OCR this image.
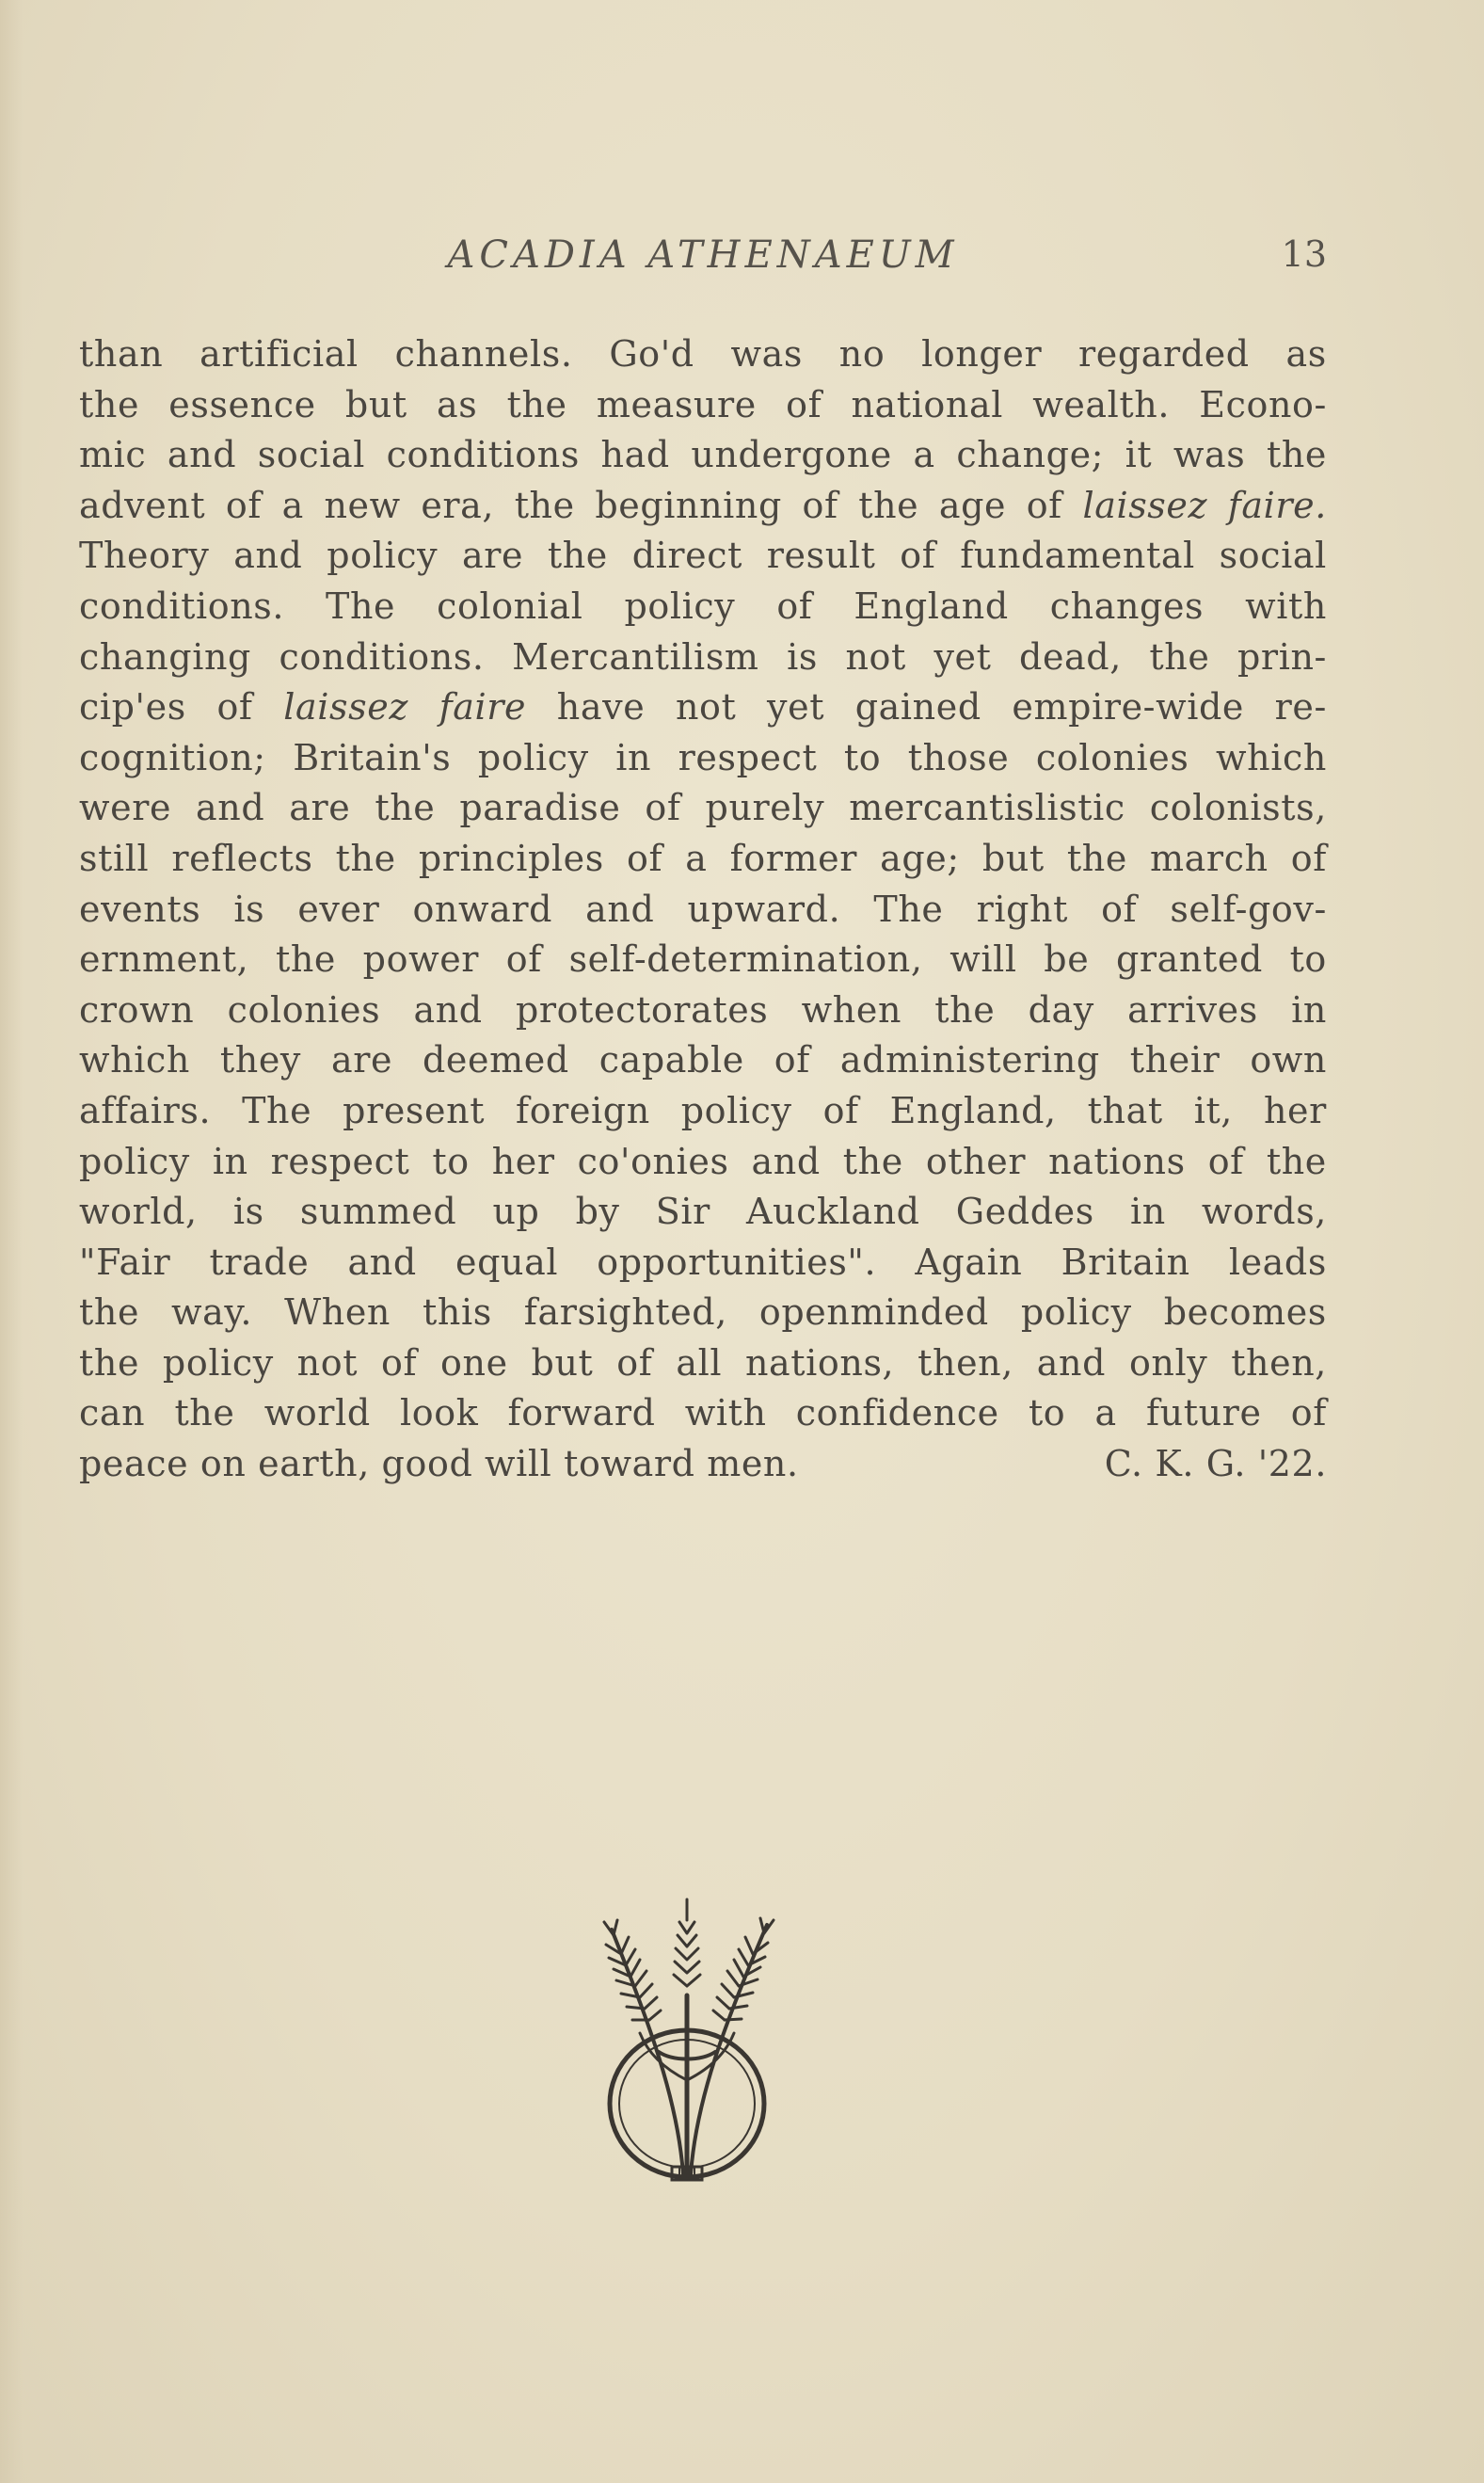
ACADIA ATHENAEUM	13
than artificial channels. Go'd was no longer regarded as
the essence but as the measure of national wealth. Econo-
mic and social conditions had undergone a change; it was the
advent of a new era, the beginning of the age of laissez faire.
Theory and policy are the direct result of fundamental social
conditions. The colonial policy of England changes with
changing conditions. Mercantilism is not yet dead, the prin-
cip'es of laissez faire have not yet gained empire-wide re-
cognition; Britain's policy in respect to those colonies which
were and are the paradise of purely mercantislistic colonists,
still reflects the principles of a former age; but the march of
events is ever onward and upward. The right of self-gov-
ernment, the power of self-determination, will be granted to
crown colonies and protectorates when the day arrives in
which they are deemed capable of administering their own
affairs. The present foreign policy of England, that it, her
policy in respect to her co'onies and the other nations of the
world, is summed up by Sir Auckland Geddes in words,
"Fair trade and equal opportunities". Again Britain leads
the way. When this farsighted, openminded policy becomes
the policy not of one but of all nations, then, and only then,
can the world look forward with confidence to a future of
peace on earth, good will toward men.	C. K. G. '22.
